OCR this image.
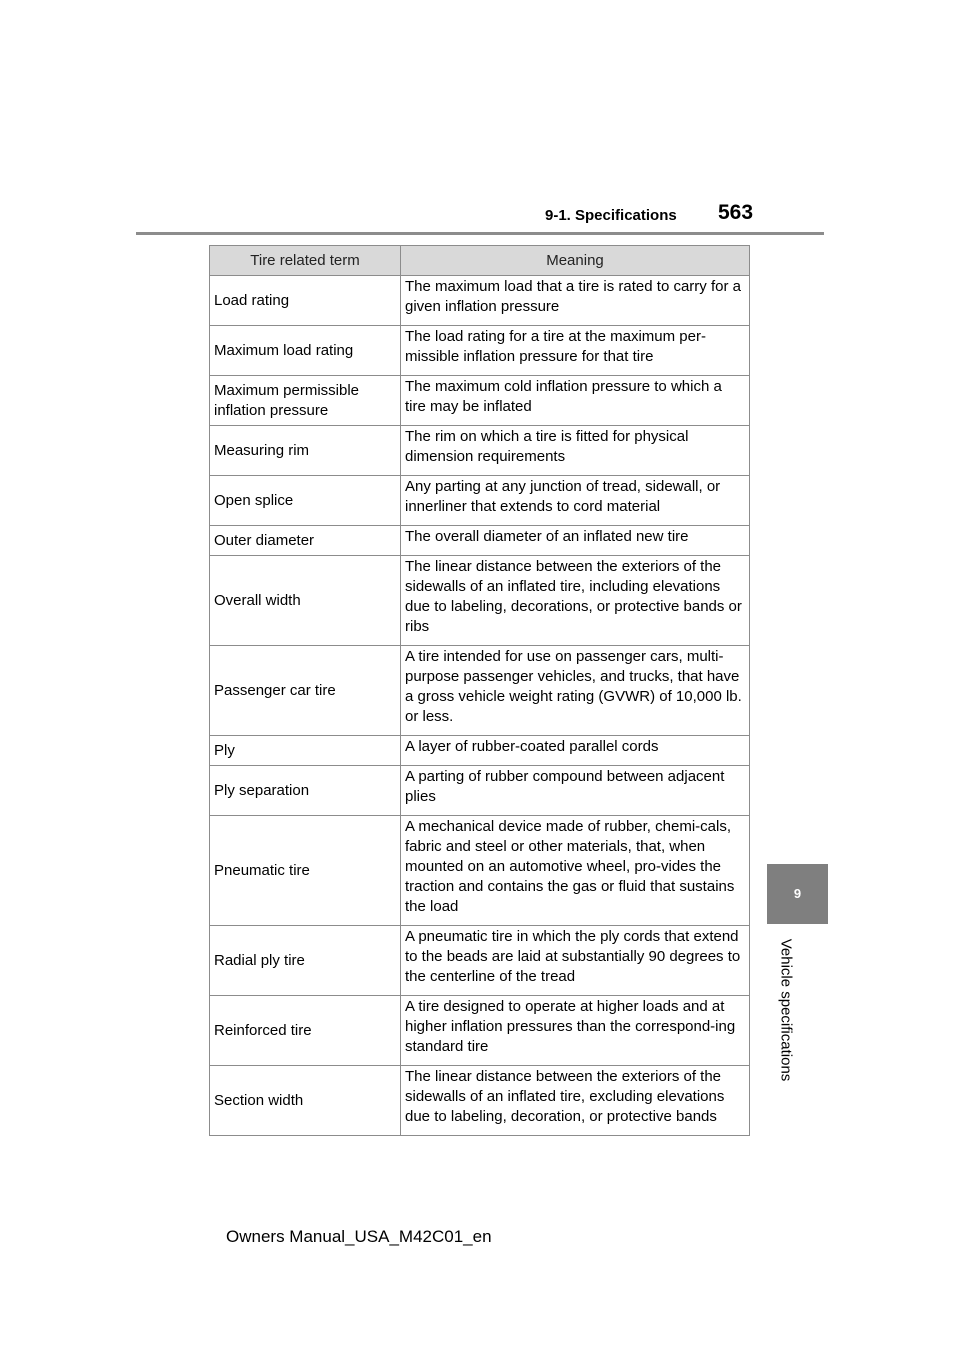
9-1. Specifications 563
9
Vehicle specifications
Tire related term	Meaning
Load rating	The maximum load that a tire is rated to carry for a given inflation pressure
Maximum load rating	The load rating for a tire at the maximum per-missible inflation pressure for that tire
Maximum permissible inflation pressure	The maximum cold inflation pressure to which a tire may be inflated
Measuring rim	The rim on which a tire is fitted for physical dimension requirements
Open splice	Any parting at any junction of tread, sidewall, or innerliner that extends to cord material
Outer diameter	The overall diameter of an inflated new tire
Overall width	The linear distance between the exteriors of the sidewalls of an inflated tire, including elevations due to labeling, decorations, or protective bands or ribs
Passenger car tire	A tire intended for use on passenger cars, multi-purpose passenger vehicles, and trucks, that have a gross vehicle weight rating (GVWR) of 10,000 lb. or less.
Ply	A layer of rubber-coated parallel cords
Ply separation	A parting of rubber compound between adjacent plies
Pneumatic tire	A mechanical device made of rubber, chemi-cals, fabric and steel or other materials, that, when mounted on an automotive wheel, pro-vides the traction and contains the gas or fluid that sustains the load
Radial ply tire	A pneumatic tire in which the ply cords that extend to the beads are laid at substantially 90 degrees to the centerline of the tread
Reinforced tire	A tire designed to operate at higher loads and at higher inflation pressures than the correspond-ing standard tire
Section width	The linear distance between the exteriors of the sidewalls of an inflated tire, excluding elevations due to labeling, decoration, or protective bands
Owners Manual_USA_M42C01_en
